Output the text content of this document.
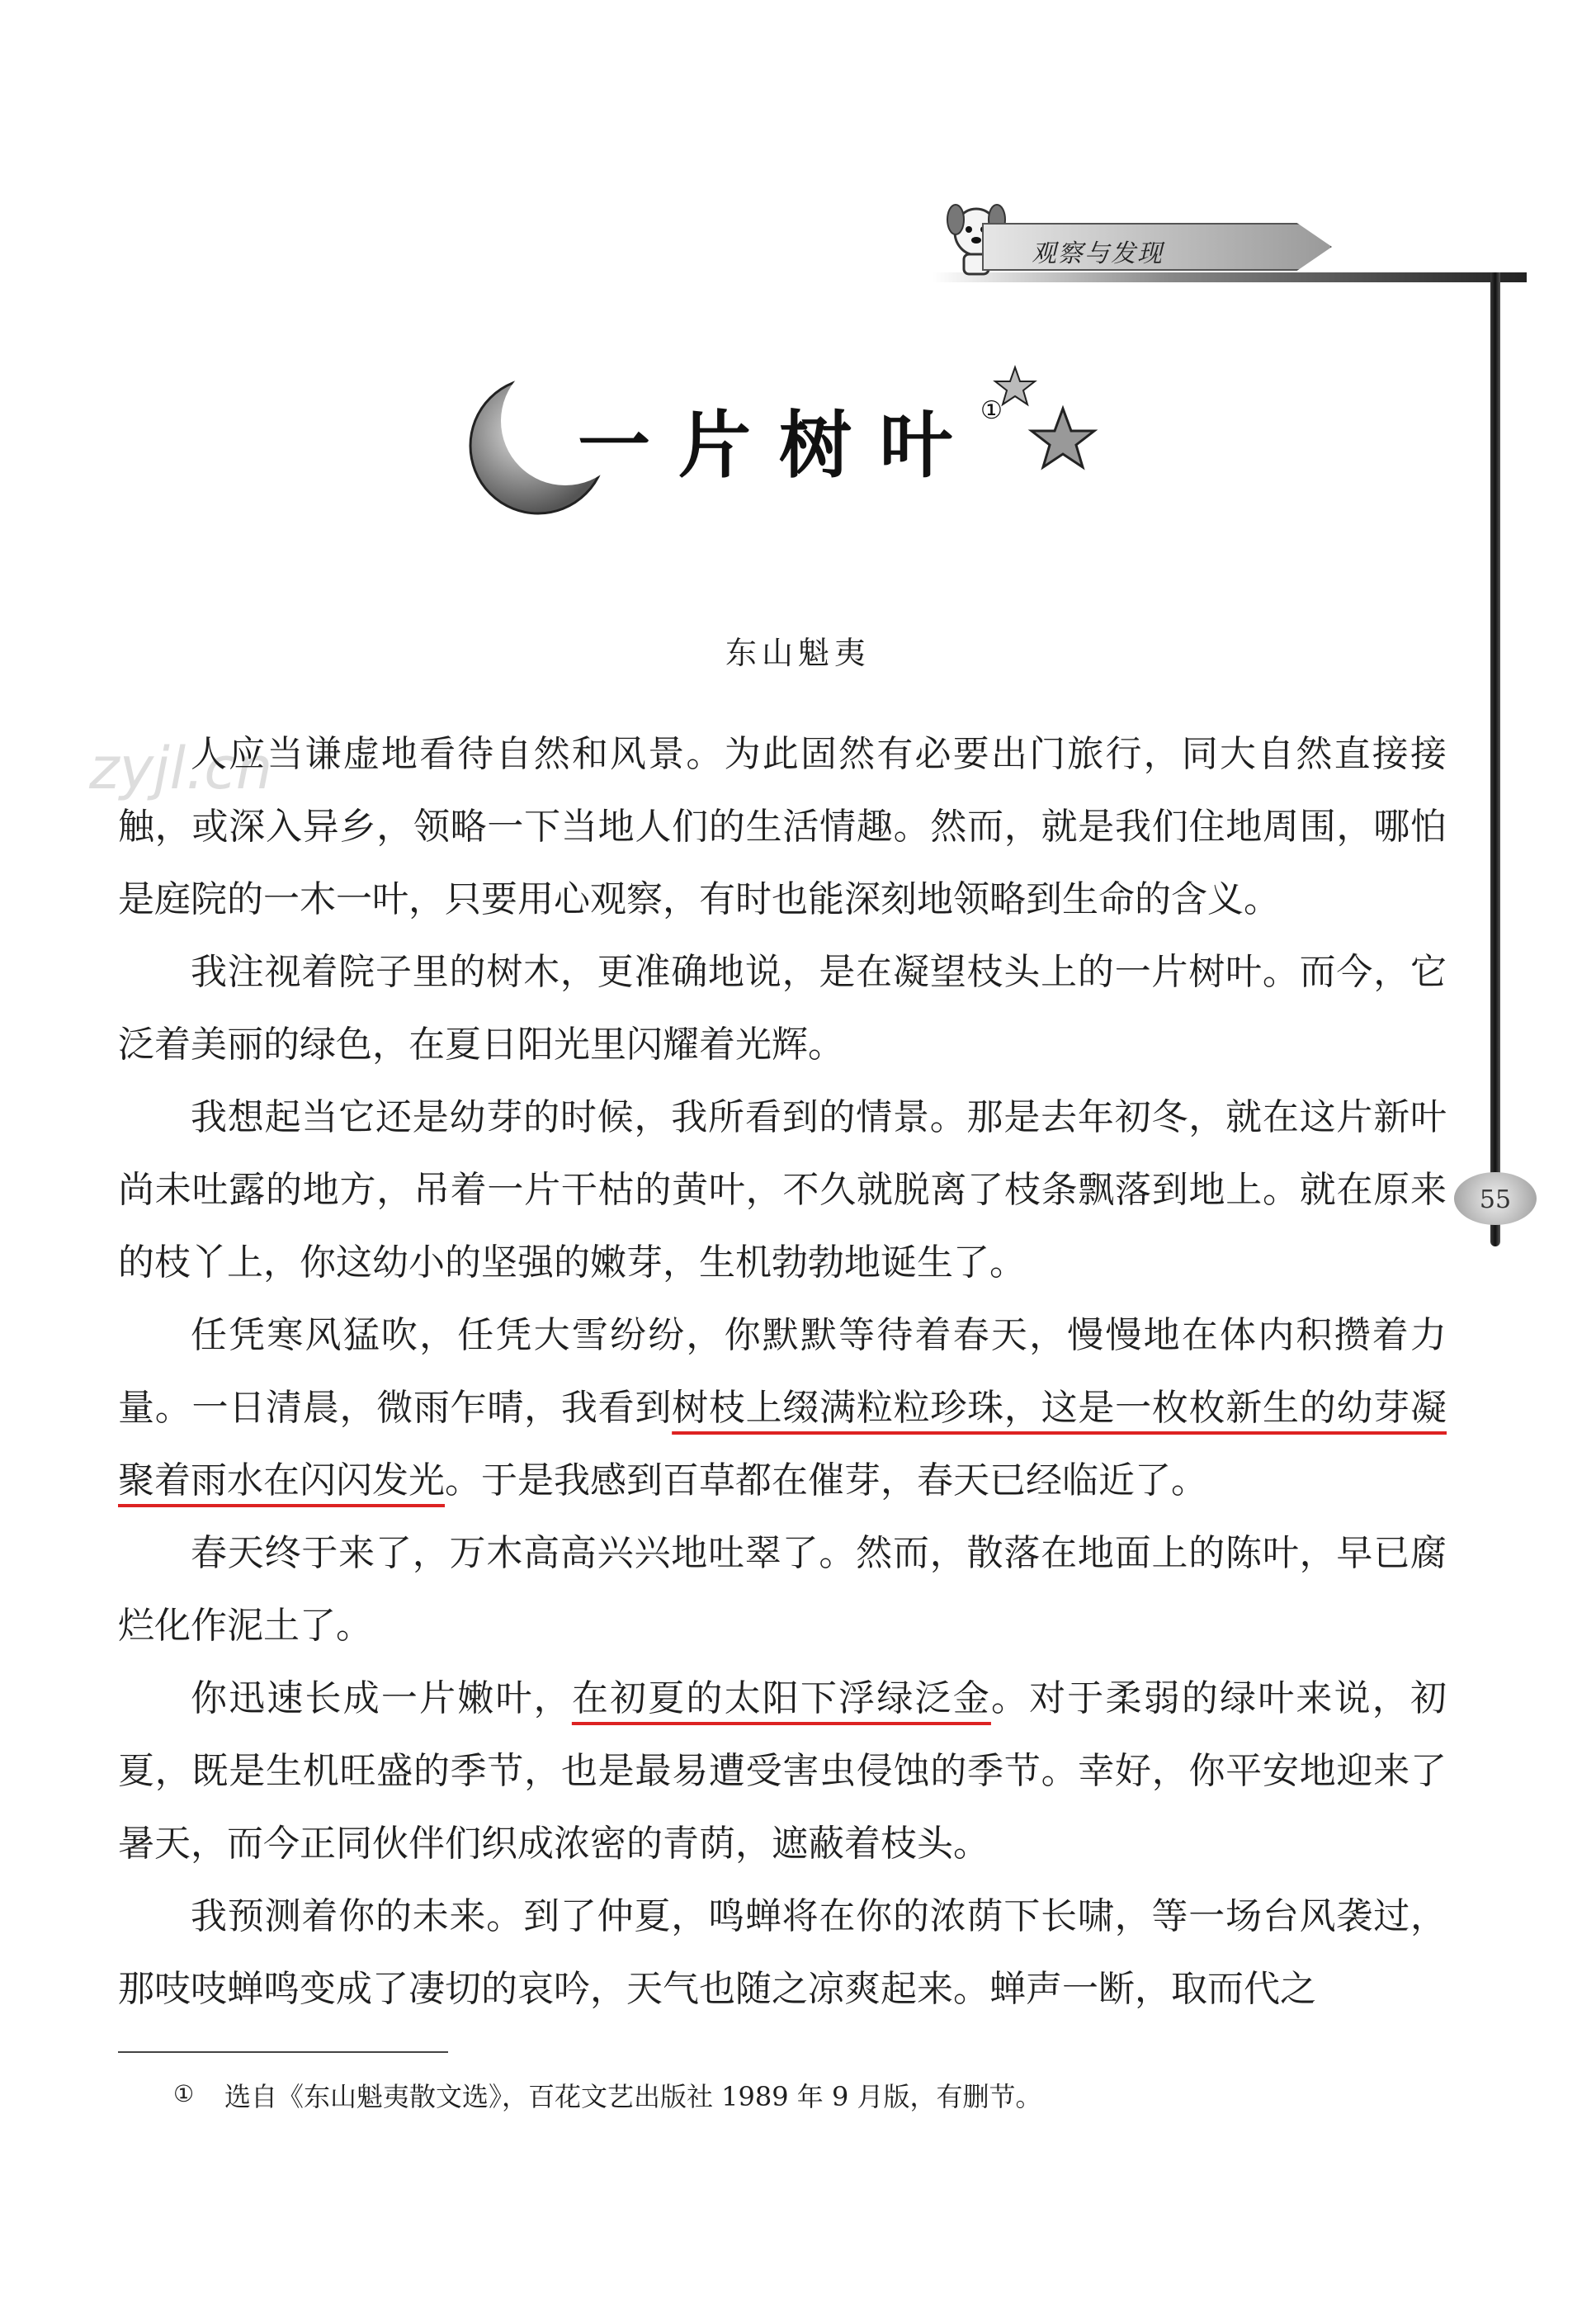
观察与发现
55
一片树叶①
东山魁夷
zyjl.cn

人应当谦虚地看待自然和风景。为此固然有必要出门旅行，同大自然直接接触，或深入异乡，领略一下当地人们的生活情趣。然而，就是我们住地周围，哪怕是庭院的一木一叶，只要用心观察，有时也能深刻地领略到生命的含义。

我注视着院子里的树木，更准确地说，是在凝望枝头上的一片树叶。而今，它泛着美丽的绿色，在夏日阳光里闪耀着光辉。

我想起当它还是幼芽的时候，我所看到的情景。那是去年初冬，就在这片新叶尚未吐露的地方，吊着一片干枯的黄叶，不久就脱离了枝条飘落到地上。就在原来的枝丫上，你这幼小的坚强的嫩芽，生机勃勃地诞生了。

任凭寒风猛吹，任凭大雪纷纷，你默默等待着春天，慢慢地在体内积攒着力量。一日清晨，微雨乍晴，我看到树枝上缀满粒粒珍珠，这是一枚枚新生的幼芽凝聚着雨水在闪闪发光。于是我感到百草都在催芽，春天已经临近了。

春天终于来了，万木高高兴兴地吐翠了。然而，散落在地面上的陈叶，早已腐烂化作泥土了。

你迅速长成一片嫩叶，在初夏的太阳下浮绿泛金。对于柔弱的绿叶来说，初夏，既是生机旺盛的季节，也是最易遭受害虫侵蚀的季节。幸好，你平安地迎来了暑天，而今正同伙伴们织成浓密的青荫，遮蔽着枝头。

我预测着你的未来。到了仲夏，鸣蝉将在你的浓荫下长啸，等一场台风袭过，那吱吱蝉鸣变成了凄切的哀吟，天气也随之凉爽起来。蝉声一断，取而代之

① 选自《东山魁夷散文选》，百花文艺出版社 1989 年 9 月版，有删节。
